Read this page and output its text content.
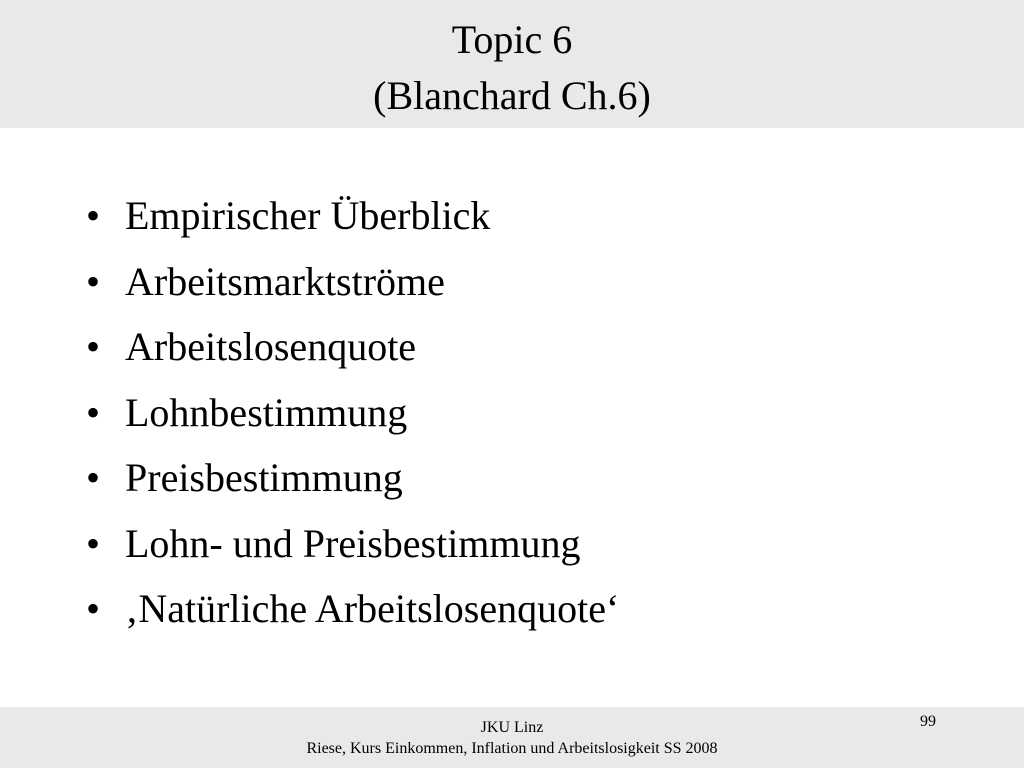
Topic 6
(Blanchard Ch.6)
• Empirischer Überblick
• Arbeitsmarktströme
• Arbeitslosenquote
• Lohnbestimmung
• Preisbestimmung
• Lohn- und Preisbestimmung
• ‚Natürliche Arbeitslosenquote‘
99
JKU Linz
Riese, Kurs Einkommen, Inflation und Arbeitslosigkeit SS 2008
